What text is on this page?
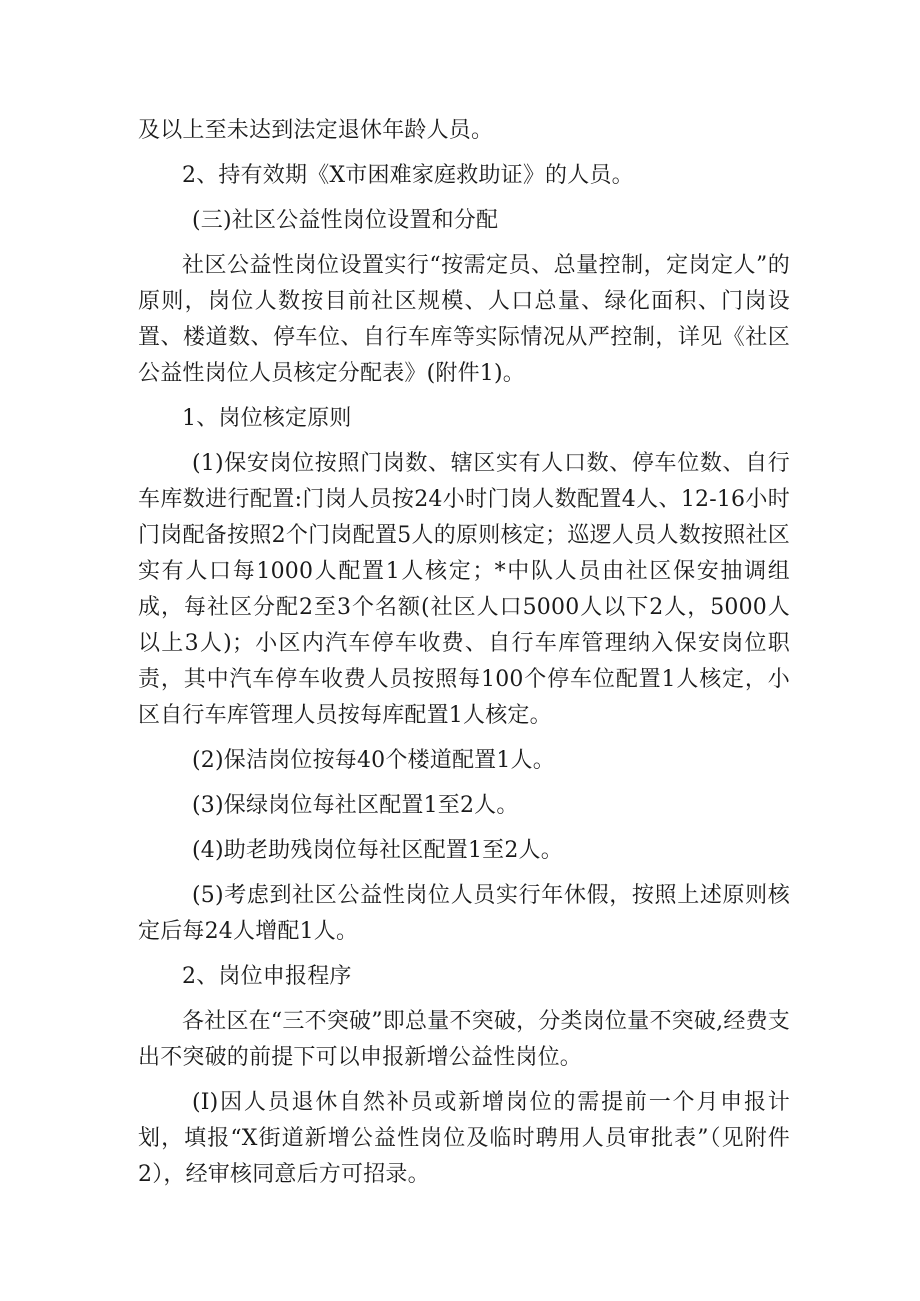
及以上至未达到法定退休年龄人员。

2、持有效期《X市困难家庭救助证》的人员。

(三)社区公益性岗位设置和分配

社区公益性岗位设置实行“按需定员、总量控制，定岗定人”的原则，岗位人数按目前社区规模、人口总量、绿化面积、门岗设置、楼道数、停车位、自行车库等实际情况从严控制，详见《社区公益性岗位人员核定分配表》(附件1)。

1、岗位核定原则

(1)保安岗位按照门岗数、辖区实有人口数、停车位数、自行车库数进行配置:门岗人员按24小时门岗人数配置4人、12-16小时门岗配备按照2个门岗配置5人的原则核定；巡逻人员人数按照社区实有人口每1000人配置1人核定；*中队人员由社区保安抽调组成，每社区分配2至3个名额(社区人口5000人以下2人，5000人以上3人)；小区内汽车停车收费、自行车库管理纳入保安岗位职责，其中汽车停车收费人员按照每100个停车位配置1人核定，小区自行车库管理人员按每库配置1人核定。

(2)保洁岗位按每40个楼道配置1人。

(3)保绿岗位每社区配置1至2人。

(4)助老助残岗位每社区配置1至2人。

(5)考虑到社区公益性岗位人员实行年休假，按照上述原则核定后每24人增配1人。

2、岗位申报程序

各社区在“三不突破”即总量不突破，分类岗位量不突破,经费支出不突破的前提下可以申报新增公益性岗位。

(I)因人员退休自然补员或新增岗位的需提前一个月申报计划，填报“X街道新增公益性岗位及临时聘用人员审批表”（见附件2），经审核同意后方可招录。
